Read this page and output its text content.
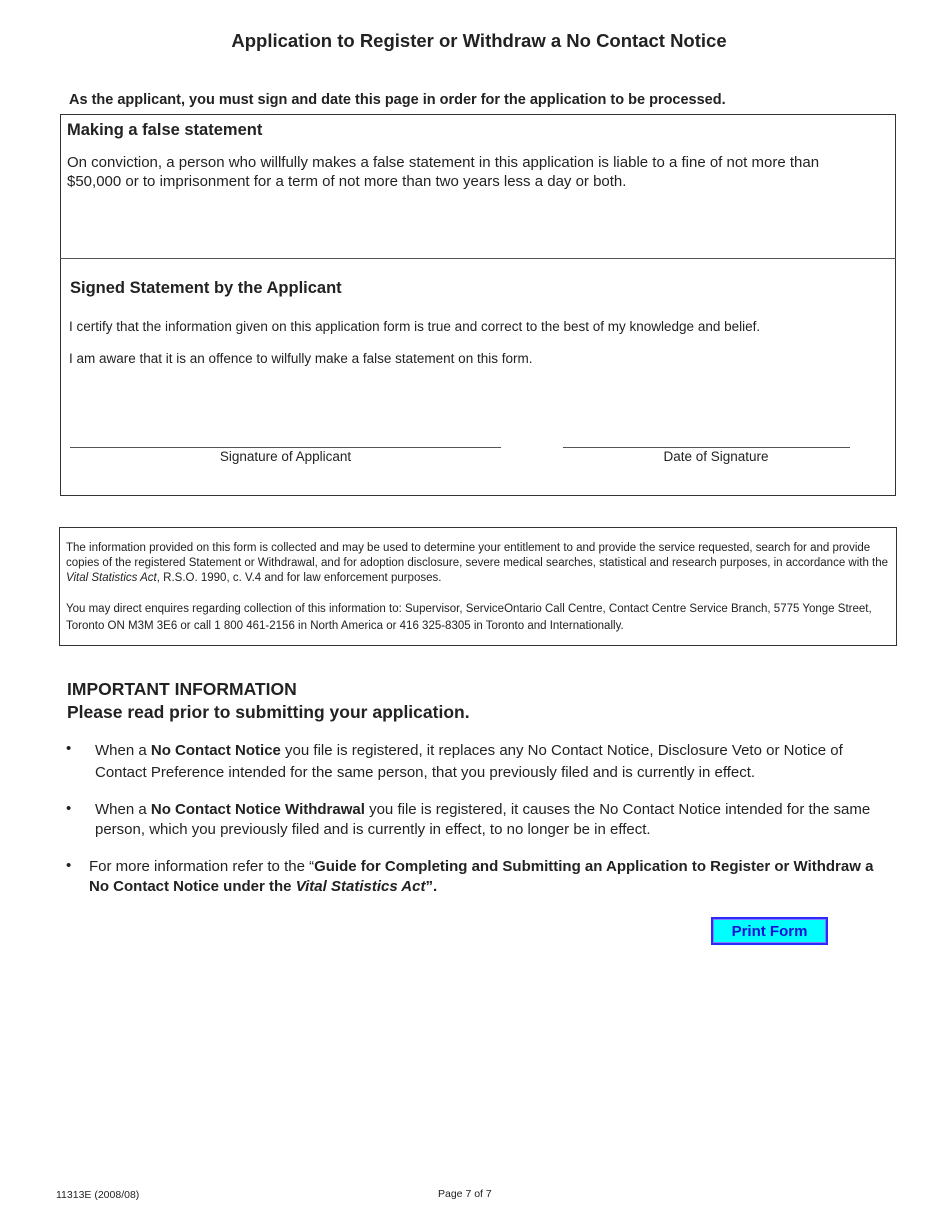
Application to Register or Withdraw a No Contact Notice
As the applicant, you must sign and date this page in order for the application to be processed.
Making a false statement
On conviction, a person who willfully makes a false statement in this application is liable to a fine of not more than $50,000 or to imprisonment for a term of not more than two years less a day or both.
Signed Statement by the Applicant
I certify that the information given on this application form is true and correct to the best of my knowledge and belief.
I am aware that it is an offence to wilfully make a false statement on this form.
Signature of Applicant	Date of Signature
The information provided on this form is collected and may be used to determine your entitlement to and provide the service requested, search for and provide copies of the registered Statement or Withdrawal, and for adoption disclosure, severe medical searches, statistical and research purposes, in accordance with the Vital Statistics Act, R.S.O. 1990, c. V.4 and for law enforcement purposes.
You may direct enquires regarding collection of this information to: Supervisor, ServiceOntario Call Centre, Contact Centre Service Branch, 5775 Yonge Street, Toronto ON M3M 3E6 or call 1 800 461-2156 in North America or 416 325-8305 in Toronto and Internationally.
IMPORTANT INFORMATION
Please read prior to submitting your application.
• When a No Contact Notice you file is registered, it replaces any No Contact Notice, Disclosure Veto or Notice of Contact Preference intended for the same person, that you previously filed and is currently in effect.
• When a No Contact Notice Withdrawal you file is registered, it causes the No Contact Notice intended for the same person, which you previously filed and is currently in effect, to no longer be in effect.
• For more information refer to the “Guide for Completing and Submitting an Application to Register or Withdraw a No Contact Notice under the Vital Statistics Act”.
Print Form
11313E (2008/08)	Page 7 of 7
